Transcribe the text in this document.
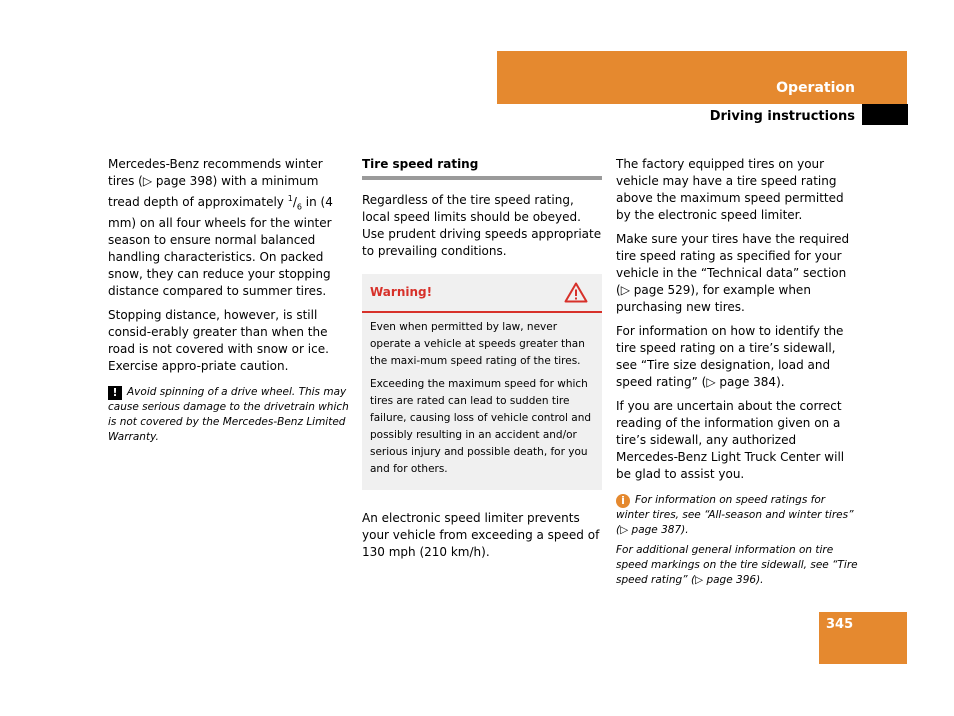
Operation
Driving instructions

Mercedes-Benz recommends winter tires (▷ page 398) with a minimum tread depth of approximately $^1/_6$ in (4 mm) on all four wheels for the winter season to ensure normal balanced handling characteristics. On packed snow, they can reduce your stopping distance compared to summer tires.

Stopping distance, however, is still consid-erably greater than when the road is not covered with snow or ice. Exercise appro-priate caution.

! Avoid spinning of a drive wheel. This may cause serious damage to the drivetrain which is not covered by the Mercedes-Benz Limited Warranty.
Tire speed rating

Regardless of the tire speed rating, local speed limits should be obeyed. Use prudent driving speeds appropriate to prevailing conditions.

Warning!

Even when permitted by law, never operate a vehicle at speeds greater than the maxi-mum speed rating of the tires.

Exceeding the maximum speed for which tires are rated can lead to sudden tire failure, causing loss of vehicle control and possibly resulting in an accident and/or serious injury and possible death, for you and for others.

An electronic speed limiter prevents your vehicle from exceeding a speed of 130 mph (210 km/h).

The factory equipped tires on your vehicle may have a tire speed rating above the maximum speed permitted by the electronic speed limiter.

Make sure your tires have the required tire speed rating as specified for your vehicle in the “Technical data” section (▷ page 529), for example when purchasing new tires.

For information on how to identify the tire speed rating on a tire’s sidewall, see “Tire size designation, load and speed rating” (▷ page 384).

If you are uncertain about the correct reading of the information given on a tire’s sidewall, any authorized Mercedes-Benz Light Truck Center will be glad to assist you.

i For information on speed ratings for winter tires, see “All-season and winter tires” (▷ page 387).
For additional general information on tire speed markings on the tire sidewall, see “Tire speed rating” (▷ page 396).
345
